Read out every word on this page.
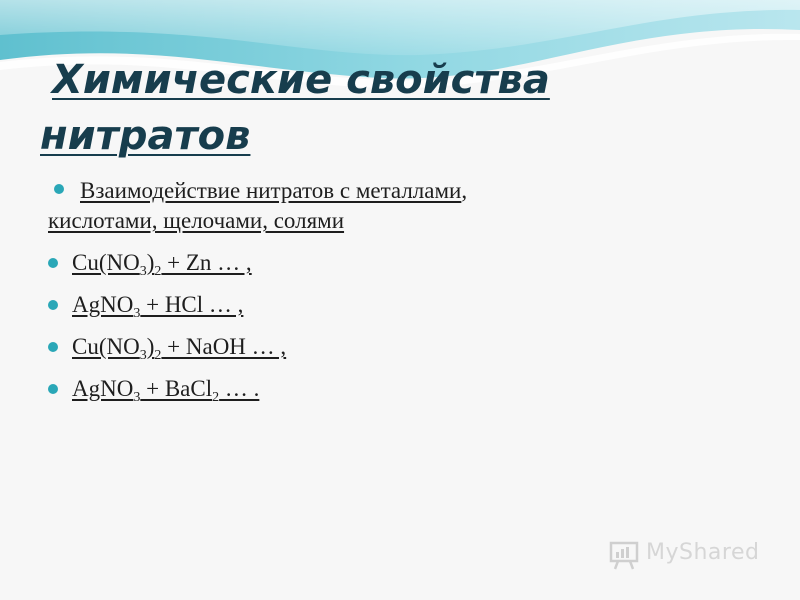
Химические свойства
нитратов
Взаимодействие нитратов с металлами,
кислотами, щелочами, солями
$Cu(NO_3)_2 + Zn$ … ,
AgNO$_3$ + HCl … ,
$Cu(NO_3)_2$ + NaOH … ,
AgNO$_3$ + BaCl$_2$ … .
MyShared
